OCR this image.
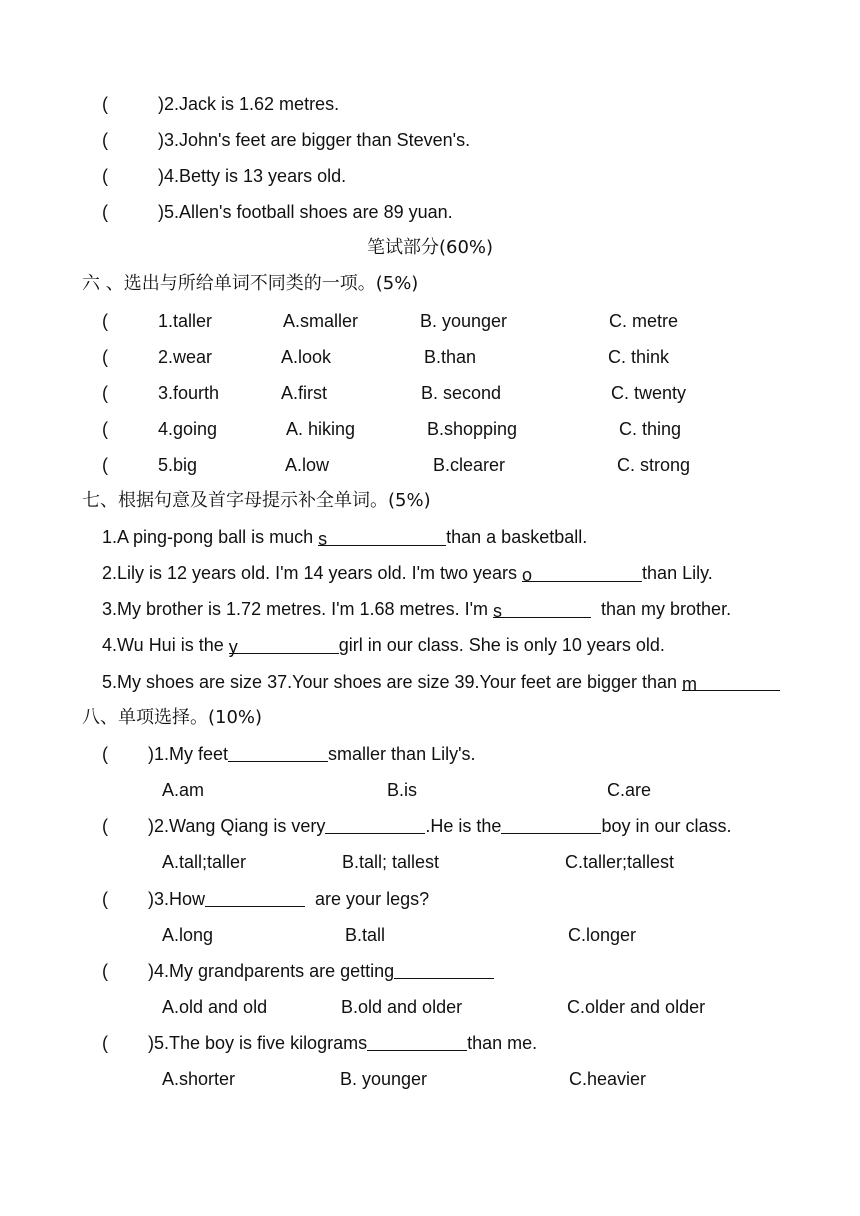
(	)2.Jack is 1.62 metres.
(	)3.John's feet are bigger than Steven's.
(	)4.Betty is 13 years old.
(	)5.Allen's football shoes are 89 yuan.
笔试部分(60%)
六 、选出与所给单词不同类的一项。(5%)
(	1.taller	A.smaller	B. younger	C. metre
(	2.wear	A.look	B.than	C. think
(	3.fourth	A.first	B. second	C. twenty
(	4.going	A. hiking	B.shopping	C. thing
(	5.big	A.low	B.clearer	C. strong
七、根据句意及首字母提示补全单词。(5%)
1.A ping-pong ball is much s	than a basketball.
2.Lily is 12 years old. I'm 14 years old. I'm two years o	than Lily.
3.My brother is 1.72 metres. I'm 1.68 metres. I'm s	than my brother.
4.Wu Hui is the y	girl in our class. She is only 10 years old.
5.My shoes are size 37.Your shoes are size 39.Your feet are bigger than m
八、单项选择。(10%)
( )1.My feet	smaller than Lily's.
A.am	B.is	C.are
( )2.Wang Qiang is very	.He is the	boy in our class.
A.tall;taller	B.tall; tallest	C.taller;tallest
( )3.How	are your legs?
A.long	B.tall	C.longer
( )4.My grandparents are getting
A.old and old	B.old and older	C.older and older
( )5.The boy is five kilograms	than me.
A.shorter	B. younger	C.heavier
